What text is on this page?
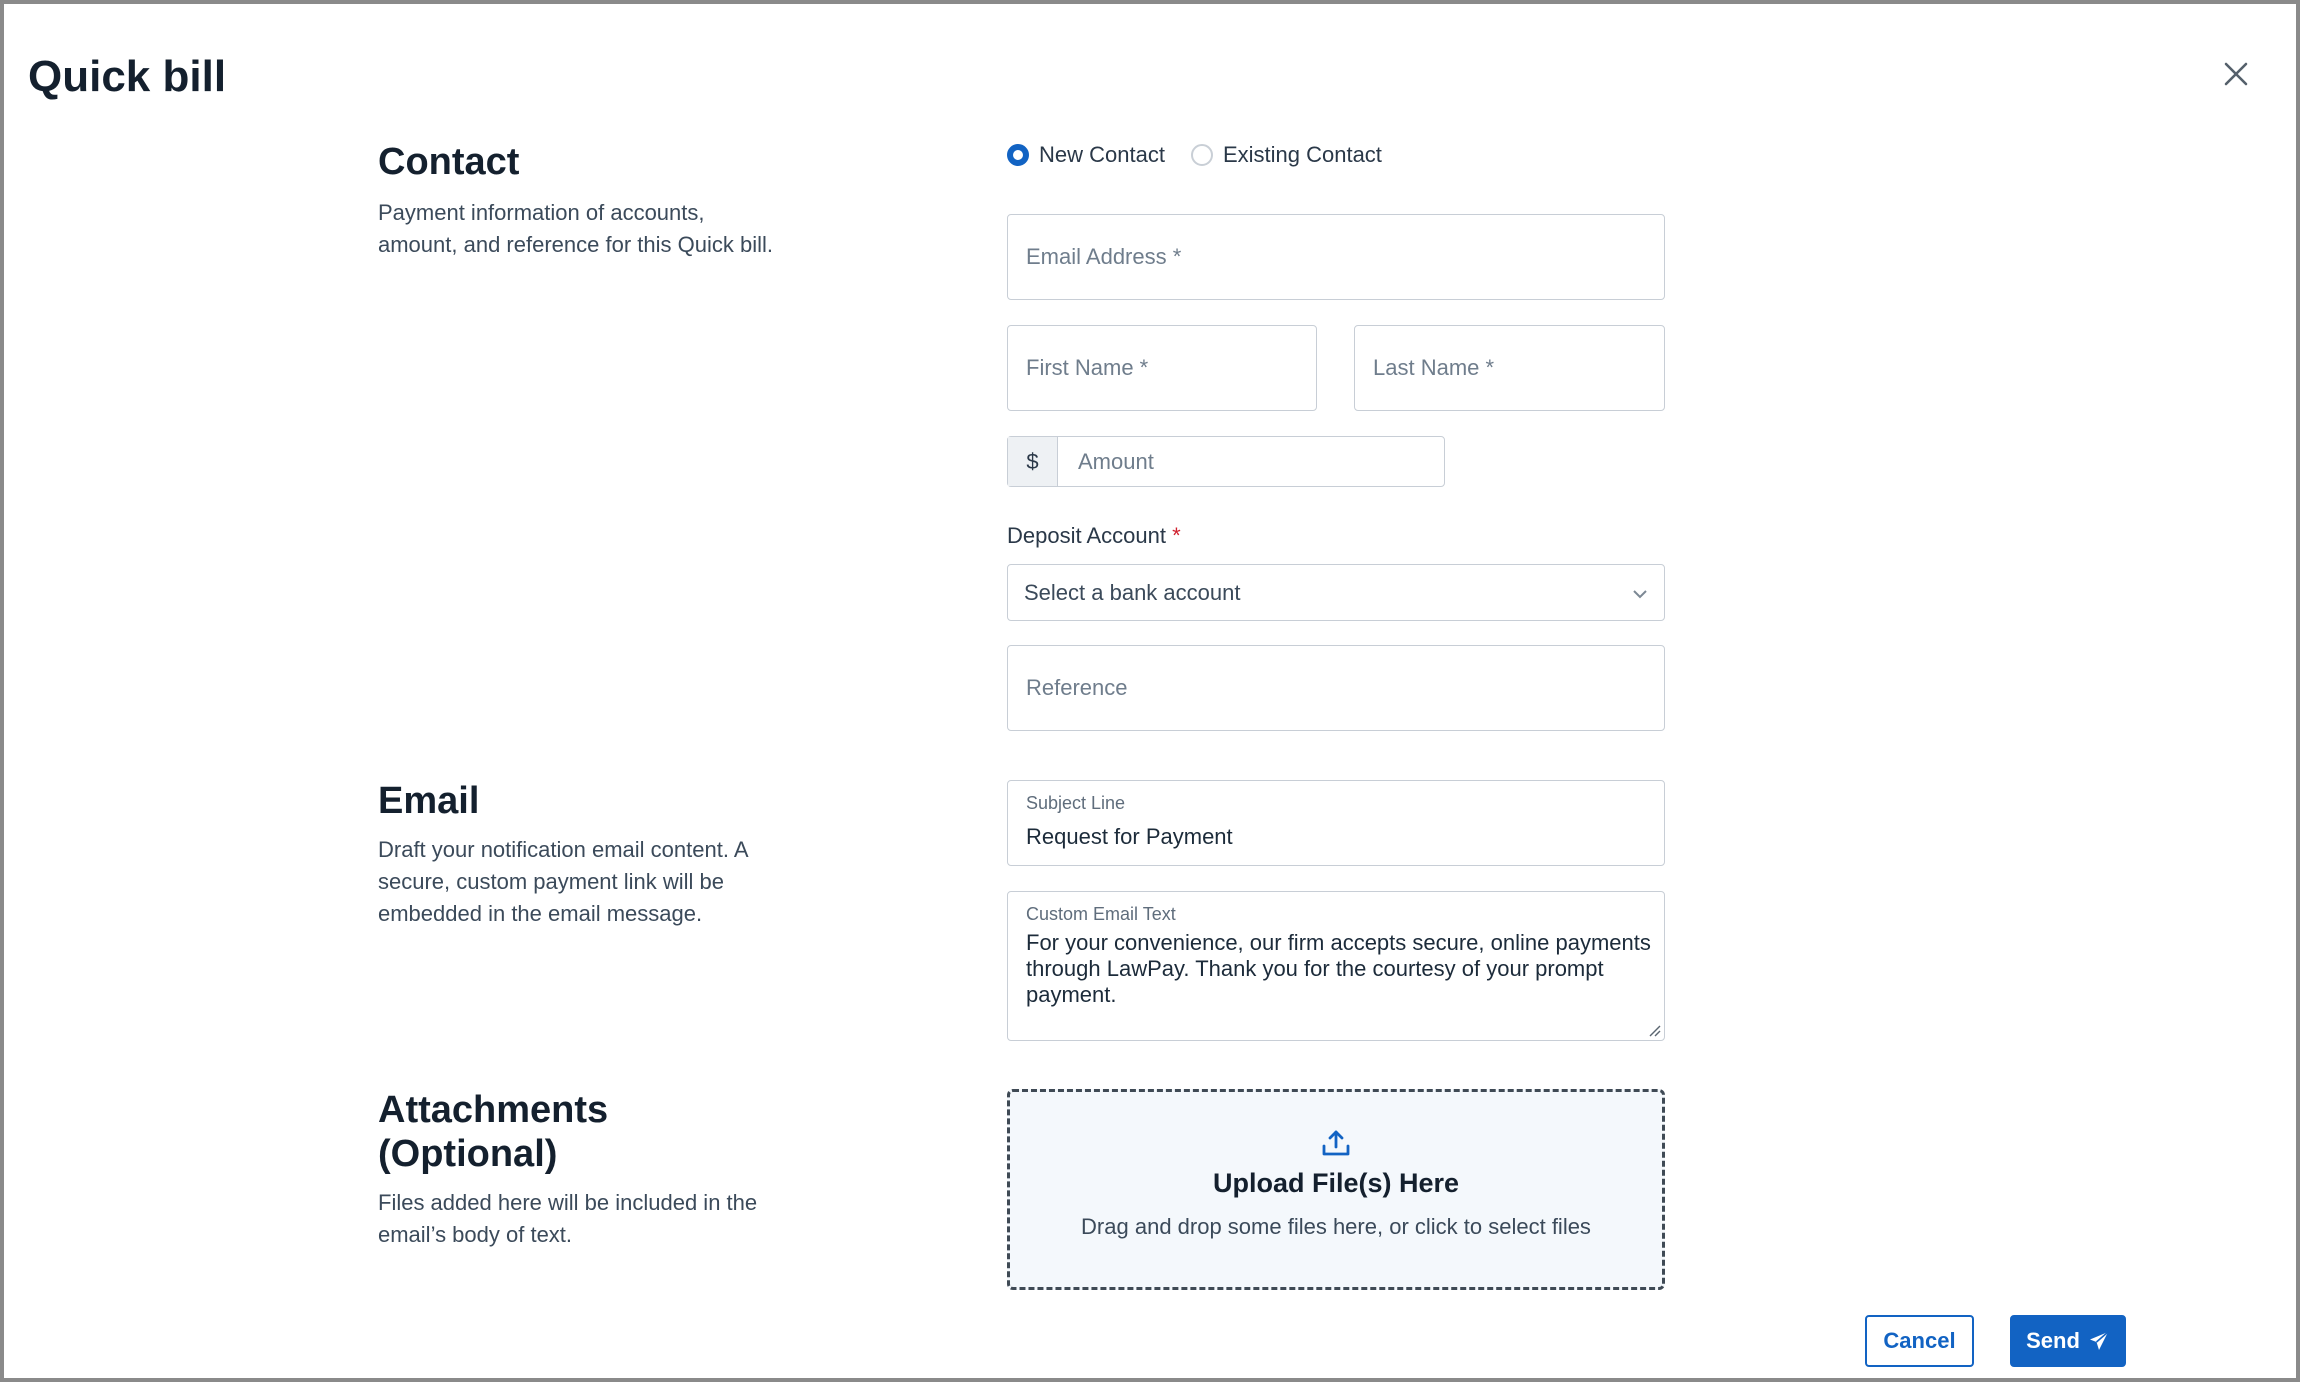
Quick bill
Contact

Payment information of accounts, amount, and reference for this Quick bill.

New Contact	Existing Contact
Email Address *
First Name *
Last Name *
$
Amount
Deposit Account *
Select a bank account
Reference
Email

Draft your notification email content. A secure, custom payment link will be embedded in the email message.

Subject Line
Request for Payment
Custom Email Text
For your convenience, our firm accepts secure, online payments through LawPay. Thank you for the courtesy of your prompt payment.
Attachments (Optional)

Files added here will be included in the email’s body of text.

Upload File(s) Here
Drag and drop some files here, or click to select files
Cancel	Send
